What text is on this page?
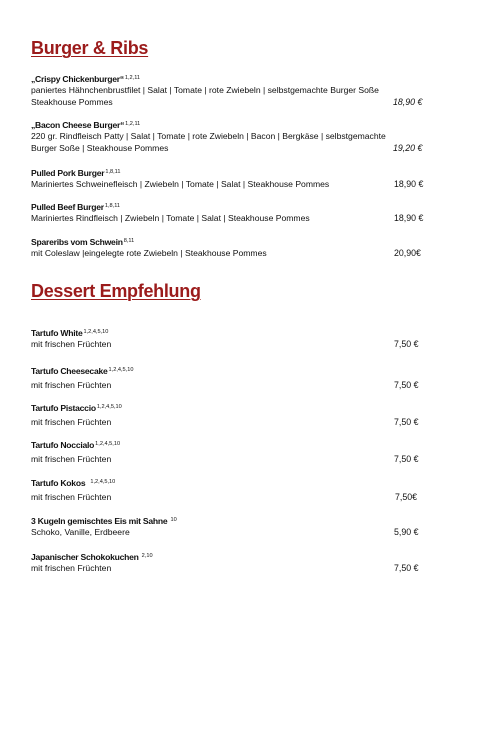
Burger & Ribs
„Crispy Chickenburger“$^{1,2,11}$
paniertes Hähnchenbrustfilet | Salat | Tomate | rote Zwiebeln | selbstgemachte Burger Soße
Steakhouse Pommes	18,90 €
„Bacon Cheese Burger“$^{1,2,11}$
220 gr. Rindfleisch Patty | Salat | Tomate | rote Zwiebeln | Bacon | Bergkäse | selbstgemachte
Burger Soße | Steakhouse Pommes	19,20 €
Pulled Pork Burger$^{1,8,11}$
Mariniertes Schweinefleisch | Zwiebeln | Tomate | Salat | Steakhouse Pommes	18,90 €
Pulled Beef Burger$^{1,8,11}$
Mariniertes Rindfleisch | Zwiebeln | Tomate | Salat | Steakhouse Pommes	18,90 €
Spareribs vom Schwein$^{8,11}$
mit Coleslaw |eingelegte rote Zwiebeln | Steakhouse Pommes	20,90€
Dessert Empfehlung
Tartufo White$^{1,2,4,5,10}$
mit frischen Früchten	7,50 €
Tartufo Cheesecake$^{1,2,4,5,10}$
mit frischen Früchten	7,50 €
Tartufo Pistaccio$^{1,2,4,5,10}$
mit frischen Früchten	7,50 €
Tartufo Noccialo$^{1,2,4,5,10}$
mit frischen Früchten	7,50 €
Tartufo Kokos $^{1,2,4,5,10}$
mit frischen Früchten	7,50€
3 Kugeln gemischtes Eis mit Sahne $^{10}$
Schoko, Vanille, Erdbeere	5,90 €
Japanischer Schokokuchen $^{2,10}$
mit frischen Früchten	7,50 €
